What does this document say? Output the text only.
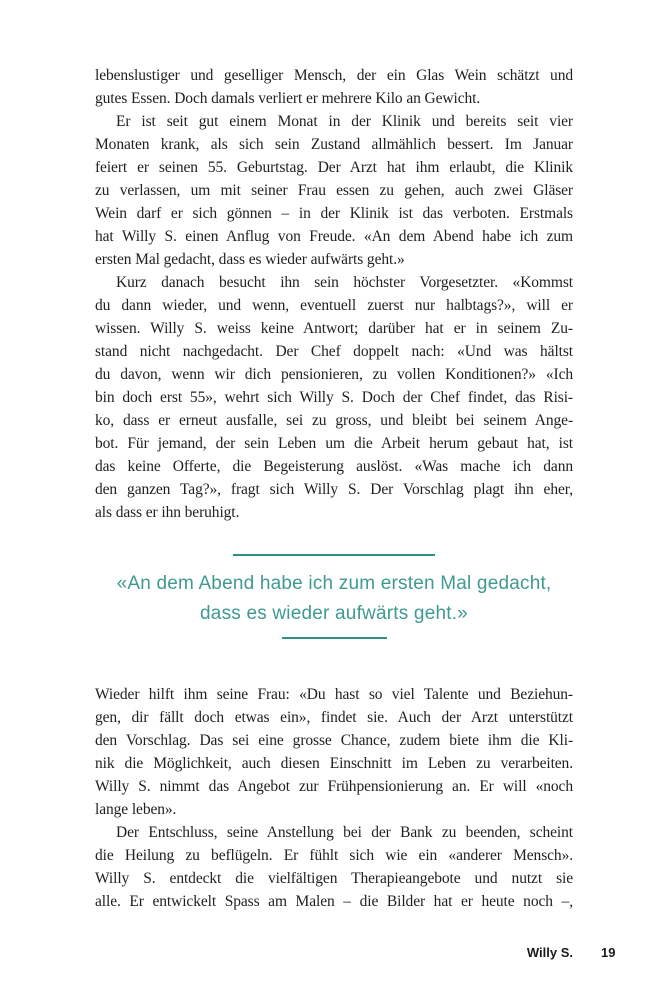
lebenslustiger und geselliger Mensch, der ein Glas Wein schätzt und
gutes Essen. Doch damals verliert er mehrere Kilo an Gewicht.
Er ist seit gut einem Monat in der Klinik und bereits seit vier
Monaten krank, als sich sein Zustand allmählich bessert. Im Januar
feiert er seinen 55. Geburtstag. Der Arzt hat ihm erlaubt, die Klinik
zu verlassen, um mit seiner Frau essen zu gehen, auch zwei Gläser
Wein darf er sich gönnen – in der Klinik ist das verboten. Erstmals
hat Willy S. einen Anflug von Freude. «An dem Abend habe ich zum
ersten Mal gedacht, dass es wieder aufwärts geht.»
Kurz danach besucht ihn sein höchster Vorgesetzter. «Kommst
du dann wieder, und wenn, eventuell zuerst nur halbtags?», will er
wissen. Willy S. weiss keine Antwort; darüber hat er in seinem Zu-
stand nicht nachgedacht. Der Chef doppelt nach: «Und was hältst
du davon, wenn wir dich pensionieren, zu vollen Konditionen?» «Ich
bin doch erst 55», wehrt sich Willy S. Doch der Chef findet, das Risi-
ko, dass er erneut ausfalle, sei zu gross, und bleibt bei seinem Ange-
bot. Für jemand, der sein Leben um die Arbeit herum gebaut hat, ist
das keine Offerte, die Begeisterung auslöst. «Was mache ich dann
den ganzen Tag?», fragt sich Willy S. Der Vorschlag plagt ihn eher,
als dass er ihn beruhigt.
«An dem Abend habe ich zum ersten Mal gedacht,
dass es wieder aufwärts geht.»
Wieder hilft ihm seine Frau: «Du hast so viel Talente und Beziehun-
gen, dir fällt doch etwas ein», findet sie. Auch der Arzt unterstützt
den Vorschlag. Das sei eine grosse Chance, zudem biete ihm die Kli-
nik die Möglichkeit, auch diesen Einschnitt im Leben zu verarbeiten.
Willy S. nimmt das Angebot zur Frühpensionierung an. Er will «noch
lange leben».
Der Entschluss, seine Anstellung bei der Bank zu beenden, scheint
die Heilung zu beflügeln. Er fühlt sich wie ein «anderer Mensch».
Willy S. entdeckt die vielfältigen Therapieangebote und nutzt sie
alle. Er entwickelt Spass am Malen – die Bilder hat er heute noch –,
Willy S. 19
